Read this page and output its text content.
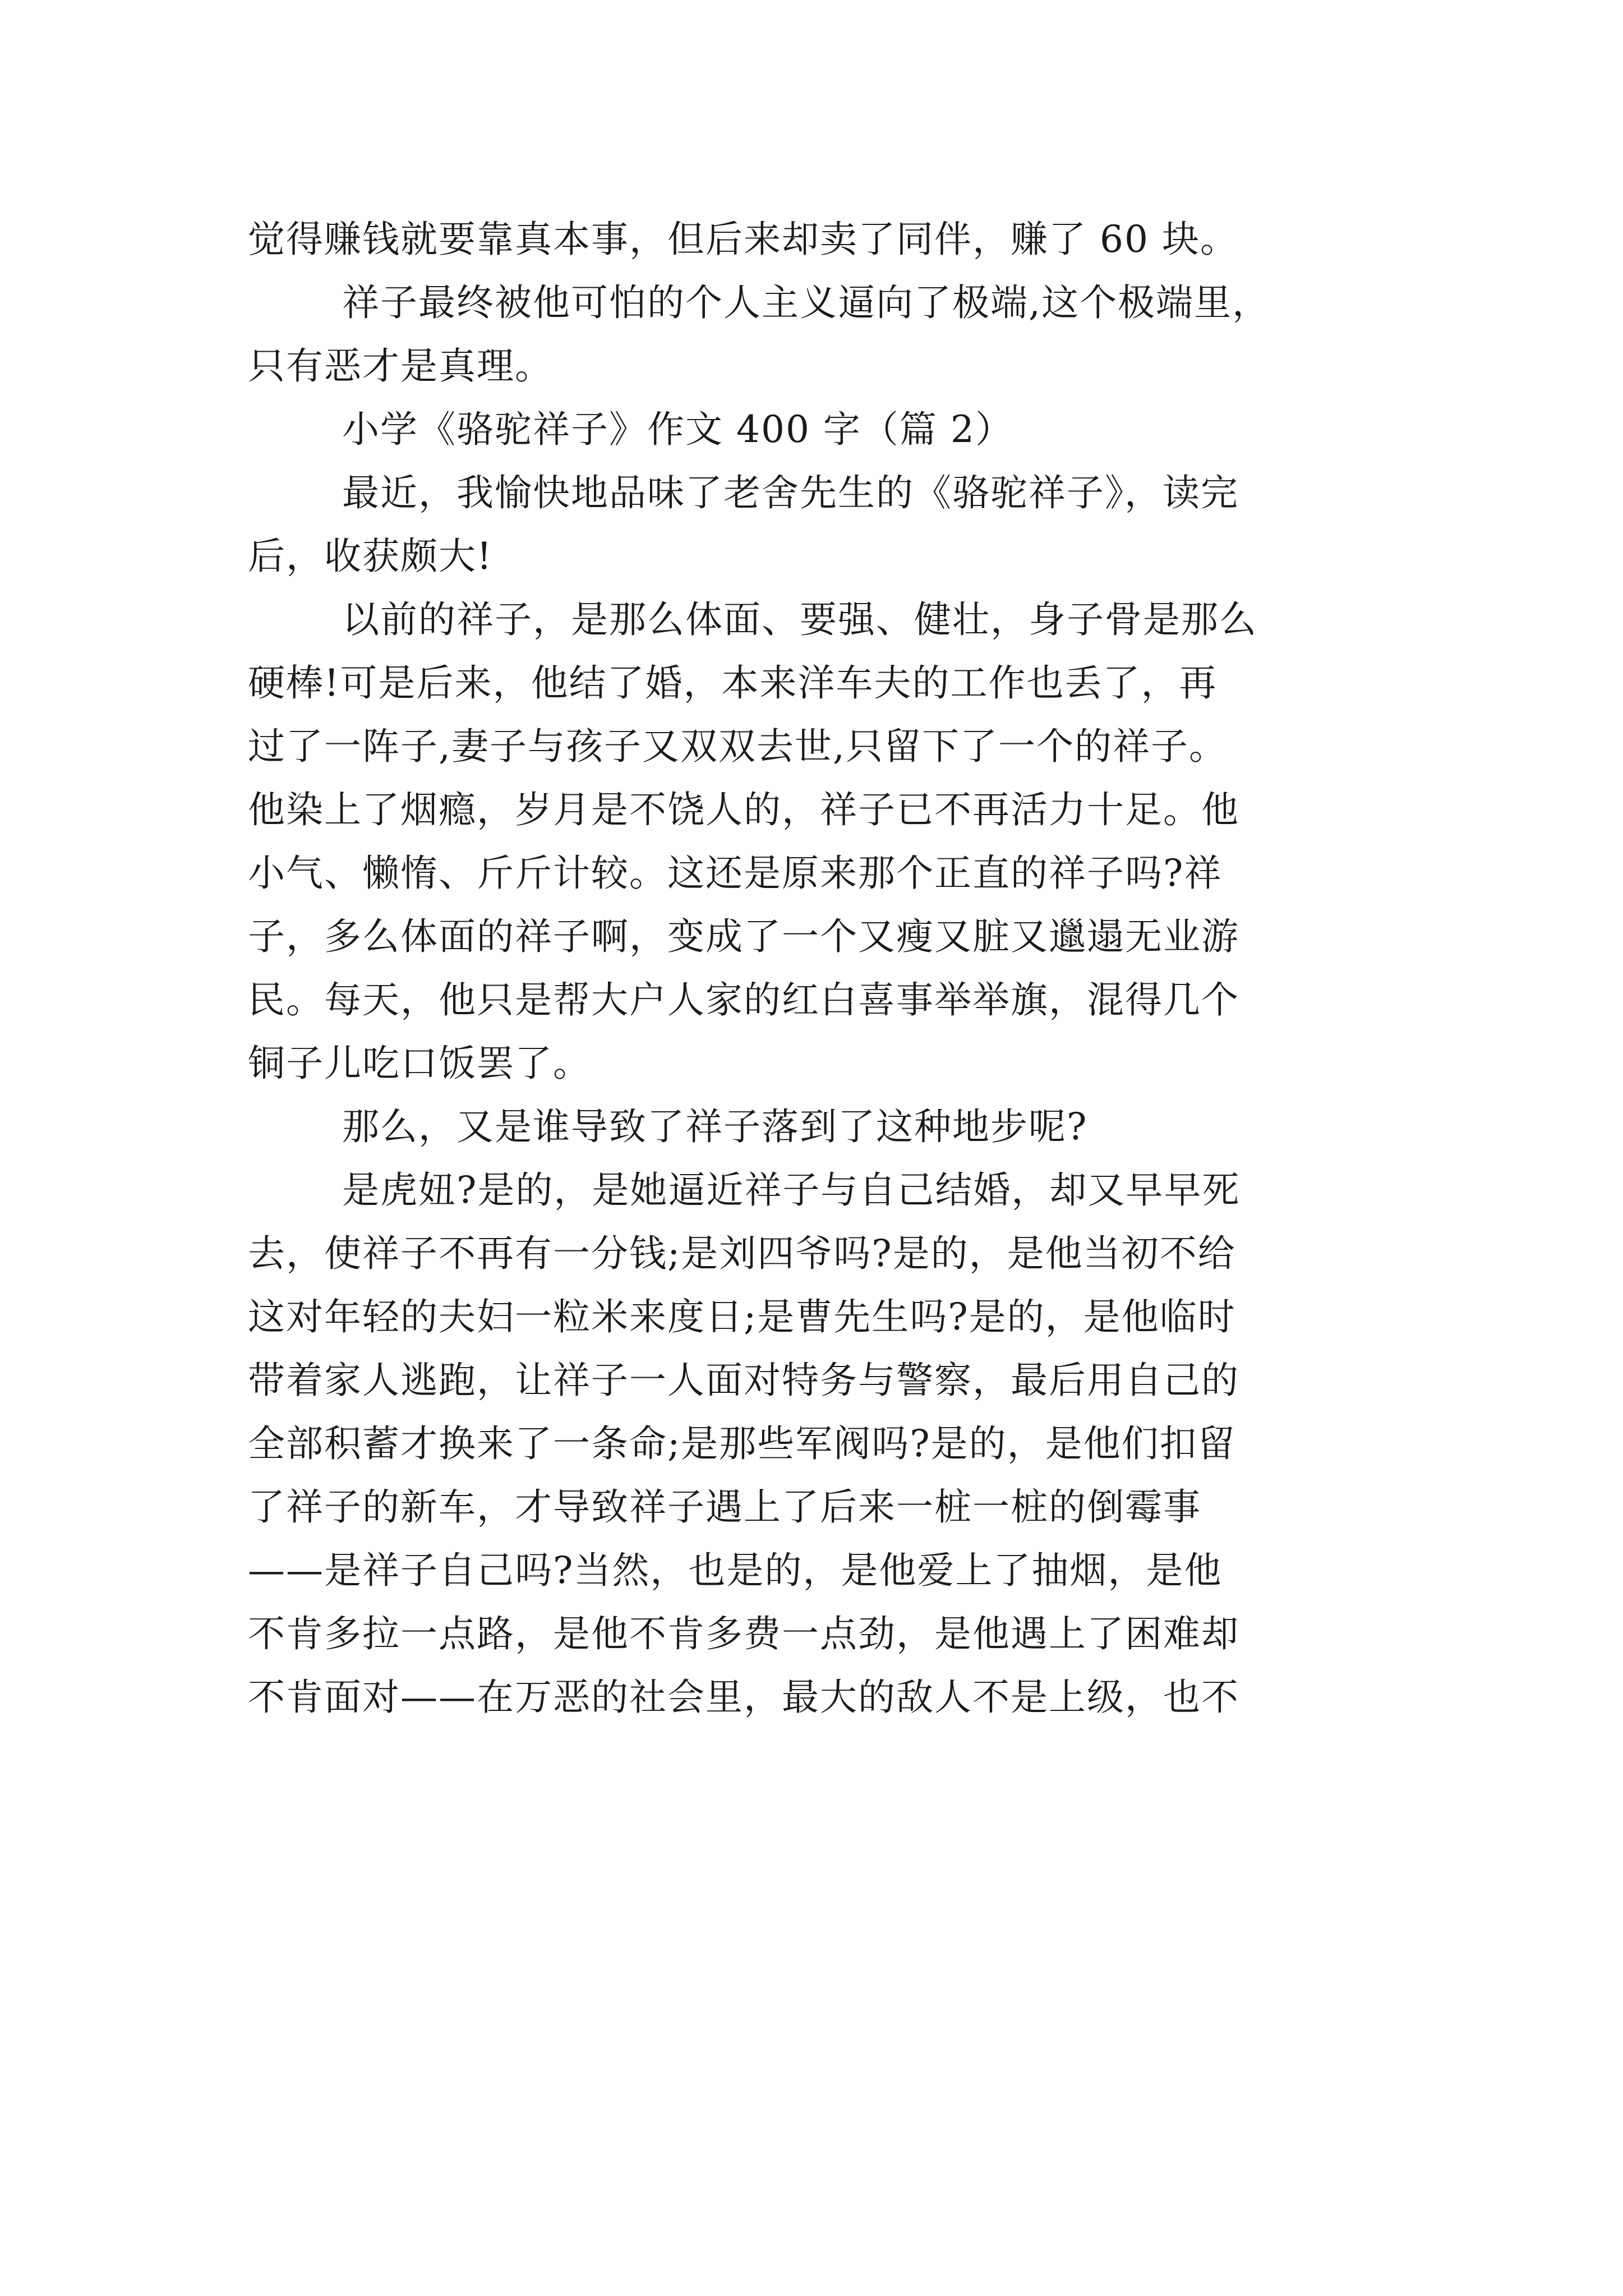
觉得赚钱就要靠真本事，但后来却卖了同伴，赚了 60 块。
祥子最终被他可怕的个人主义逼向了极端,这个极端里，
只有恶才是真理。
小学《骆驼祥子》作文 400 字（篇 2）
最近，我愉快地品味了老舍先生的《骆驼祥子》，读完
后，收获颇大!
以前的祥子，是那么体面、要强、健壮，身子骨是那么
硬棒!可是后来，他结了婚，本来洋车夫的工作也丢了，再
过了一阵子,妻子与孩子又双双去世,只留下了一个的祥子。
他染上了烟瘾，岁月是不饶人的，祥子已不再活力十足。他
小气、懒惰、斤斤计较。这还是原来那个正直的祥子吗?祥
子，多么体面的祥子啊，变成了一个又瘦又脏又邋遢无业游
民。每天，他只是帮大户人家的红白喜事举举旗，混得几个
铜子儿吃口饭罢了。
那么，又是谁导致了祥子落到了这种地步呢?
是虎妞?是的，是她逼近祥子与自己结婚，却又早早死
去，使祥子不再有一分钱;是刘四爷吗?是的，是他当初不给
这对年轻的夫妇一粒米来度日;是曹先生吗?是的，是他临时
带着家人逃跑，让祥子一人面对特务与警察，最后用自己的
全部积蓄才换来了一条命;是那些军阀吗?是的，是他们扣留
了祥子的新车，才导致祥子遇上了后来一桩一桩的倒霉事
——是祥子自己吗?当然，也是的，是他爱上了抽烟，是他
不肯多拉一点路，是他不肯多费一点劲，是他遇上了困难却
不肯面对——在万恶的社会里，最大的敌人不是上级，也不
